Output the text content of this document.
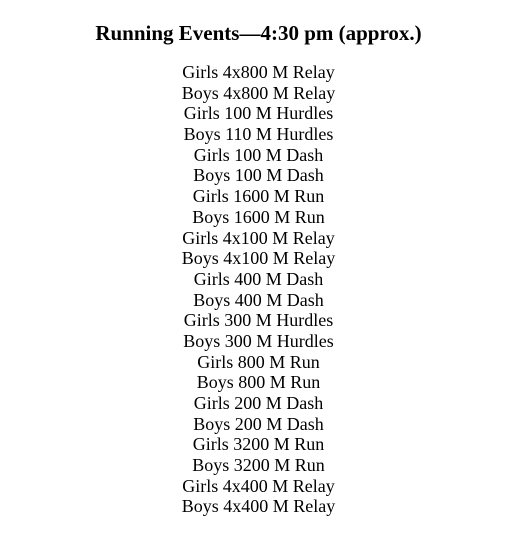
Running Events—4:30 pm (approx.)
Girls 4x800 M Relay
Boys 4x800 M Relay
Girls 100 M Hurdles
Boys 110 M Hurdles
Girls 100 M Dash
Boys 100 M Dash
Girls 1600 M Run
Boys 1600 M Run
Girls 4x100 M Relay
Boys 4x100 M Relay
Girls 400 M Dash
Boys 400 M Dash
Girls 300 M Hurdles
Boys 300 M Hurdles
Girls 800 M Run
Boys 800 M Run
Girls 200 M Dash
Boys 200 M Dash
Girls 3200 M Run
Boys 3200 M Run
Girls 4x400 M Relay
Boys 4x400 M Relay
